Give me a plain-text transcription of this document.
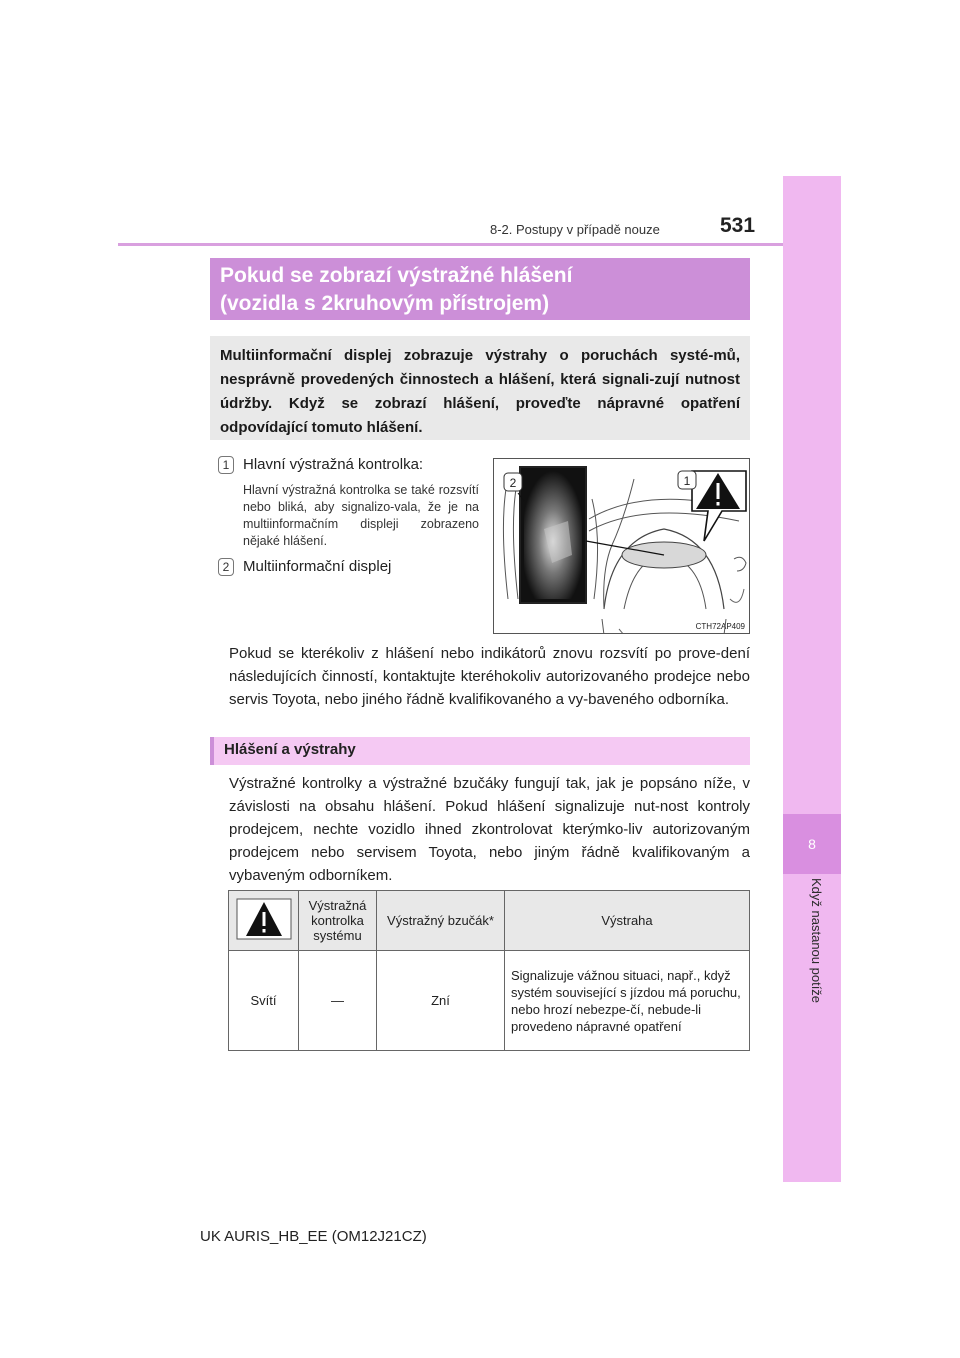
8
Když nastanou potíže
8-2. Postupy v případě nouze	531
Pokud se zobrazí výstražné hlášení
(vozidla s 2kruhovým přístrojem)
Multiinformační displej zobrazuje výstrahy o poruchách systé-mů, nesprávně provedených činnostech a hlášení, která signali-zují nutnost údržby. Když se zobrazí hlášení, proveďte nápravné opatření odpovídající tomuto hlášení.
1 Hlavní výstražná kontrolka:
Hlavní výstražná kontrolka se také rozsvítí nebo bliká, aby signalizo-vala, že je na multiinformačním displeji zobrazeno nějaké hlášení.
2 Multiinformační displej
2	1
CTH72AP409
Pokud se kterékoliv z hlášení nebo indikátorů znovu rozsvítí po prove-dení následujících činností, kontaktujte kteréhokoliv autorizovaného prodejce nebo servis Toyota, nebo jiného řádně kvalifikovaného a vy-baveného odborníka.
Hlášení a výstrahy
Výstražné kontrolky a výstražné bzučáky fungují tak, jak je popsáno níže, v závislosti na obsahu hlášení. Pokud hlášení signalizuje nut-nost kontroly prodejcem, nechte vozidlo ihned zkontrolovat kterýmko-liv autorizovaným prodejcem nebo servisem Toyota, nebo jiným řádně kvalifikovaným a vybaveným odborníkem.
	Výstražná kontrolka systému	Výstražný bzučák*	Výstraha
Svítí	—	Zní	Signalizuje vážnou situaci, např., když systém související s jízdou má poruchu, nebo hrozí nebezpe-čí, nebude-li provedeno nápravné opatření
UK AURIS_HB_EE (OM12J21CZ)
